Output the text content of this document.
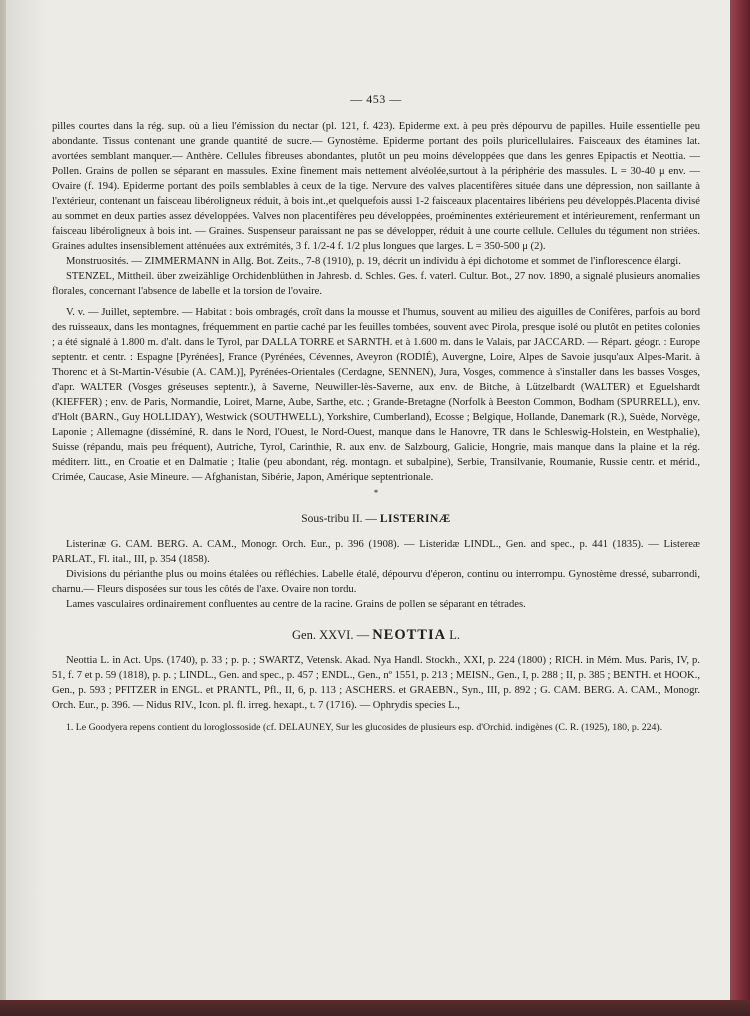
— 453 —

pilles courtes dans la rég. sup. où a lieu l'émission du nectar (pl. 121, f. 423). Epiderme ext. à peu près dépourvu de papilles. Huile essentielle peu abondante. Tissus contenant une grande quantité de sucre.— Gynostème. Epiderme portant des poils pluricellulaires. Faisceaux des étamines lat. avortées semblant manquer.— Anthère. Cellules fibreuses abondantes, plutôt un peu moins développées que dans les genres Epipactis et Neottia. — Pollen. Grains de pollen se séparant en massules. Exine finement mais nettement alvéolée,surtout à la périphérie des massules. L = 30-40 μ env. — Ovaire (f. 194). Epiderme portant des poils semblables à ceux de la tige. Nervure des valves placentifères située dans une dépression, non saillante à l'extérieur, contenant un faisceau libéroligneux réduit, à bois int.,et quelquefois aussi 1-2 faisceaux placentaires libériens peu développés.Placenta divisé au sommet en deux parties assez développées. Valves non placentifères peu développées, proéminentes extérieurement et intérieurement, renfermant un faisceau libéroligneux à bois int. — Graines. Suspenseur paraissant ne pas se développer, réduit à une courte cellule. Cellules du tégument non striées. Graines adultes insensiblement atténuées aux extrémités, 3 f. 1/2-4 f. 1/2 plus longues que larges. L = 350-500 μ (2).

Monstruosités. — ZIMMERMANN in Allg. Bot. Zeits., 7-8 (1910), p. 19, décrit un individu à épi dichotome et sommet de l'inflorescence élargi.

STENZEL, Mittheil. über zweizählige Orchidenblüthen in Jahresb. d. Schles. Ges. f. vaterl. Cultur. Bot., 27 nov. 1890, a signalé plusieurs anomalies florales, concernant l'absence de labelle et la torsion de l'ovaire.

V. v. — Juillet, septembre. — Habitat : bois ombragés, croît dans la mousse et l'humus, souvent au milieu des aiguilles de Conifères, parfois au bord des ruisseaux, dans les montagnes, fréquemment en partie caché par les feuilles tombées, souvent avec Pirola, presque isolé ou plutôt en petites colonies ; a été signalé à 1.800 m. d'alt. dans le Tyrol, par DALLA TORRE et SARNTH. et à 1.600 m. dans le Valais, par JACCARD. — Répart. géogr. : Europe septentr. et centr. : Espagne [Pyrénées], France (Pyrénées, Cévennes, Aveyron (RODIÉ), Auvergne, Loire, Alpes de Savoie jusqu'aux Alpes-Marit. à Thorenc et à St-Martin-Vésubie (A. CAM.)], Pyrénées-Orientales (Cerdagne, SENNEN), Jura, Vosges, commence à s'installer dans les basses Vosges, d'apr. WALTER (Vosges gréseuses septentr.), à Saverne, Neuwiller-lès-Saverne, aux env. de Bitche, à Lützelbardt (WALTER) et Eguelshardt (KIEFFER) ; env. de Paris, Normandie, Loiret, Marne, Aube, Sarthe, etc. ; Grande-Bretagne (Norfolk à Beeston Common, Bodham (SPURRELL), env. d'Holt (BARN., Guy HOLLIDAY), Westwick (SOUTHWELL), Yorkshire, Cumberland), Ecosse ; Belgique, Hollande, Danemark (R.), Suède, Norvège, Laponie ; Allemagne (disséminé, R. dans le Nord, l'Ouest, le Nord-Ouest, manque dans le Hanovre, TR dans le Schleswig-Holstein, en Westphalie), Suisse (répandu, mais peu fréquent), Autriche, Tyrol, Carinthie, R. aux env. de Salzbourg, Galicie, Hongrie, mais manque dans la plaine et la rég. méditerr. litt., en Croatie et en Dalmatie ; Italie (peu abondant, rég. montagn. et subalpine), Serbie, Transilvanie, Roumanie, Russie centr. et mérid., Crimée, Caucase, Asie Mineure. — Afghanistan, Sibérie, Japon, Amérique septentrionale.

*
Sous-tribu II. — LISTERINÆ

Listerinæ G. CAM. BERG. A. CAM., Monogr. Orch. Eur., p. 396 (1908). — Listeridæ LINDL., Gen. and spec., p. 441 (1835). — Listereæ PARLAT., Fl. ital., III, p. 354 (1858).

Divisions du périanthe plus ou moins étalées ou réfléchies. Labelle étalé, dépourvu d'éperon, continu ou interrompu. Gynostème dressé, subarrondi, charnu.— Fleurs disposées sur tous les côtés de l'axe. Ovaire non tordu.

Lames vasculaires ordinairement confluentes au centre de la racine. Grains de pollen se séparant en tétrades.

Gen. XXVI. — NEOTTIA L.

Neottia L. in Act. Ups. (1740), p. 33 ; p. p. ; SWARTZ, Vetensk. Akad. Nya Handl. Stockh., XXI, p. 224 (1800) ; RICH. in Mém. Mus. Paris, IV, p. 51, f. 7 et p. 59 (1818), p. p. ; LINDL., Gen. and spec., p. 457 ; ENDL., Gen., nº 1551, p. 213 ; MEISN., Gen., I, p. 288 ; II, p. 385 ; BENTH. et HOOK., Gen., p. 593 ; PFITZER in ENGL. et PRANTL, Pfl., II, 6, p. 113 ; ASCHERS. et GRAEBN., Syn., III, p. 892 ; G. CAM. BERG. A. CAM., Monogr. Orch. Eur., p. 396. — Nidus RIV., Icon. pl. fl. irreg. hexapt., t. 7 (1716). — Ophrydis species L.,

1. Le Goodyera repens contient du loroglossoside (cf. DELAUNEY, Sur les glucosides de plusieurs esp. d'Orchid. indigènes (C. R. (1925), 180, p. 224).
